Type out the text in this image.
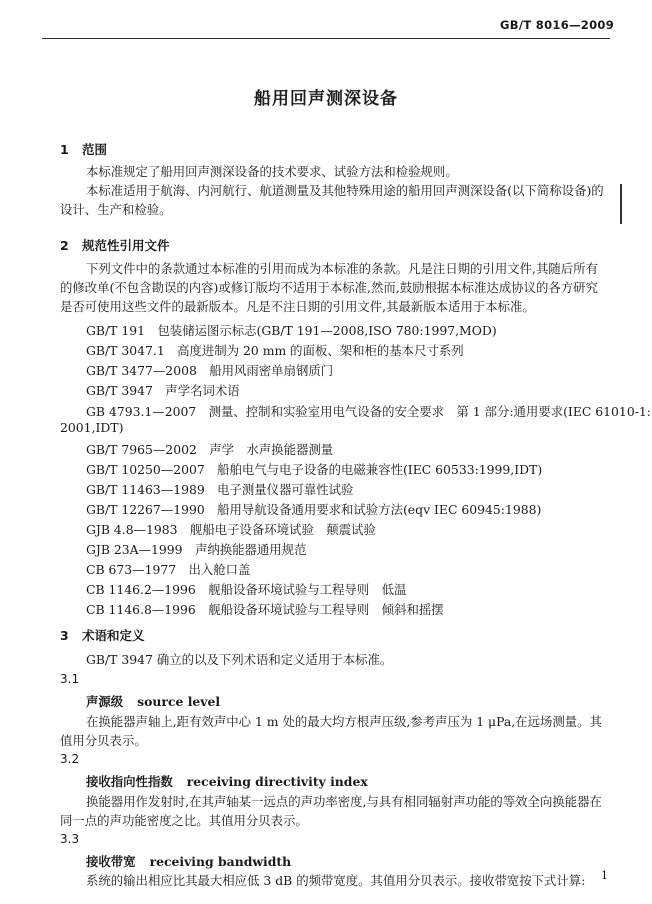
GB/T 8016—2009
船用回声测深设备
1 范围
本标准规定了船用回声测深设备的技术要求、试验方法和检验规则。
本标准适用于航海、内河航行、航道测量及其他特殊用途的船用回声测深设备(以下简称设备)的设计、生产和检验。
2 规范性引用文件
下列文件中的条款通过本标准的引用而成为本标准的条款。凡是注日期的引用文件,其随后所有的修改单(不包含勘误的内容)或修订版均不适用于本标准,然而,鼓励根据本标准达成协议的各方研究是否可使用这些文件的最新版本。凡是不注日期的引用文件,其最新版本适用于本标准。
GB/T 191　包装储运图示标志(GB/T 191—2008,ISO 780:1997,MOD)
GB/T 3047.1　高度进制为 20 mm 的面板、架和柜的基本尺寸系列
GB/T 3477—2008　船用风雨密单扇钢质门
GB/T 3947　声学名词术语
GB 4793.1—2007　测量、控制和实验室用电气设备的安全要求　第 1 部分:通用要求(IEC 61010-1:
2001,IDT)
GB/T 7965—2002　声学　水声换能器测量
GB/T 10250—2007　船舶电气与电子设备的电磁兼容性(IEC 60533:1999,IDT)
GB/T 11463—1989　电子测量仪器可靠性试验
GB/T 12267—1990　船用导航设备通用要求和试验方法(eqv IEC 60945:1988)
GJB 4.8—1983　舰船电子设备环境试验　颠震试验
GJB 23A—1999　声纳换能器通用规范
CB 673—1977　出入舱口盖
CB 1146.2—1996　舰船设备环境试验与工程导则　低温
CB 1146.8—1996　舰船设备环境试验与工程导则　倾斜和摇摆
3 术语和定义
GB/T 3947 确立的以及下列术语和定义适用于本标准。
3.1
声源级 source level
在换能器声轴上,距有效声中心 1 m 处的最大均方根声压级,参考声压为 1 μPa,在远场测量。其值用分贝表示。
3.2
接收指向性指数 receiving directivity index
换能器用作发射时,在其声轴某一远点的声功率密度,与具有相同辐射声功能的等效全向换能器在同一点的声功能密度之比。其值用分贝表示。
3.3
接收带宽 receiving bandwidth
系统的输出相应比其最大相应低 3 dB 的频带宽度。其值用分贝表示。接收带宽按下式计算: 1
